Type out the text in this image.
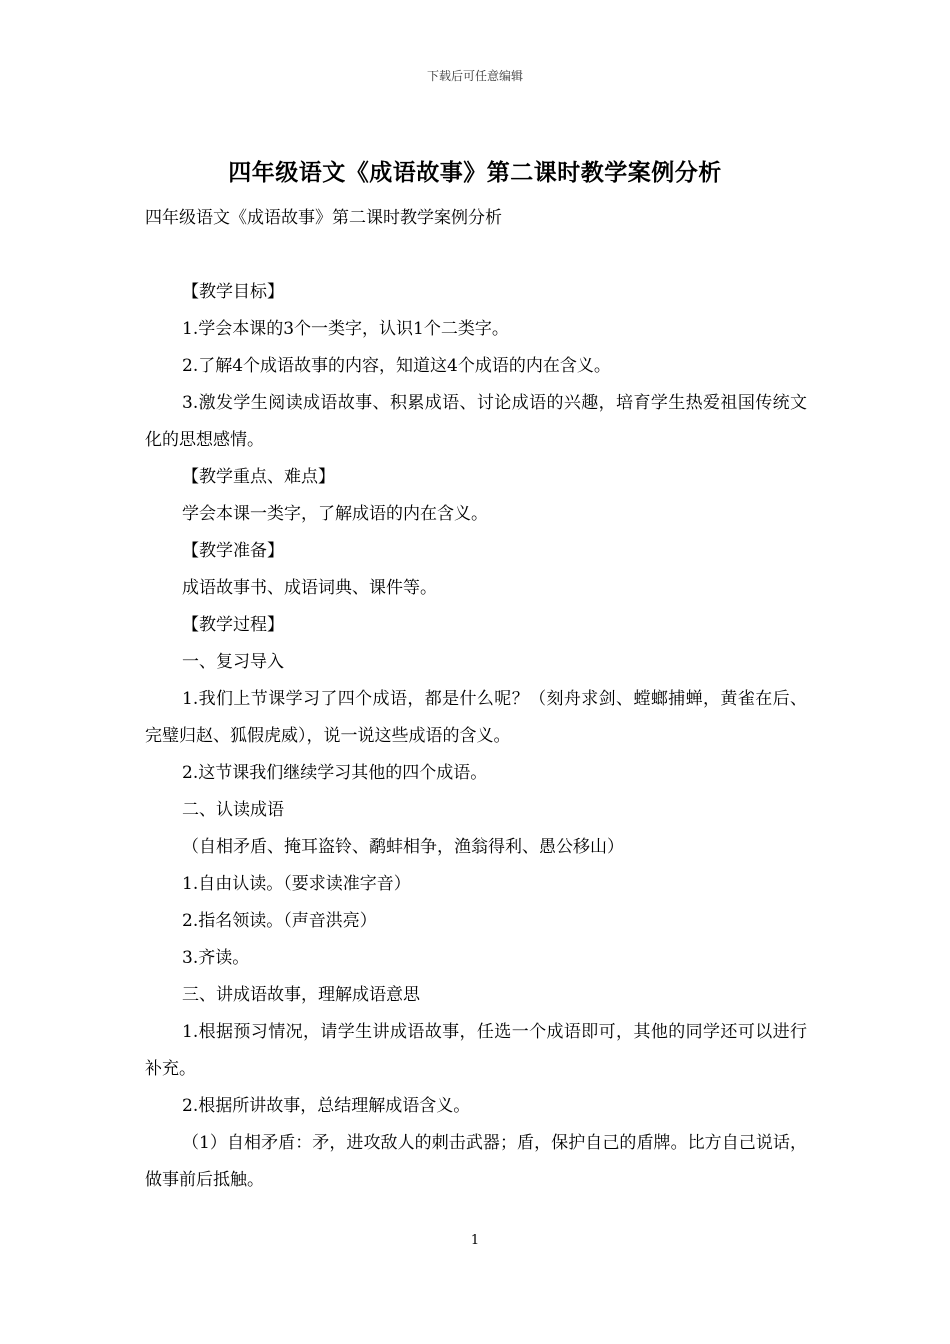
下载后可任意编辑
四年级语文《成语故事》第二课时教学案例分析

四年级语文《成语故事》第二课时教学案例分析

【教学目标】

1.学会本课的3个一类字，认识1个二类字。

2.了解4个成语故事的内容，知道这4个成语的内在含义。

3.激发学生阅读成语故事、积累成语、讨论成语的兴趣，培育学生热爱祖国传统文化的思想感情。

【教学重点、难点】

学会本课一类字，了解成语的内在含义。

【教学准备】

成语故事书、成语词典、课件等。

【教学过程】

一、复习导入

1.我们上节课学习了四个成语，都是什么呢？（刻舟求剑、螳螂捕蝉，黄雀在后、完璧归赵、狐假虎威），说一说这些成语的含义。

2.这节课我们继续学习其他的四个成语。

二、认读成语

（自相矛盾、掩耳盗铃、鹬蚌相争，渔翁得利、愚公移山）

1.自由认读。（要求读准字音）

2.指名领读。（声音洪亮）

3.齐读。

三、讲成语故事，理解成语意思

1.根据预习情况，请学生讲成语故事，任选一个成语即可，其他的同学还可以进行补充。

2.根据所讲故事，总结理解成语含义。

（1）自相矛盾：矛，进攻敌人的刺击武器；盾，保护自己的盾牌。比方自己说话，做事前后抵触。

1
